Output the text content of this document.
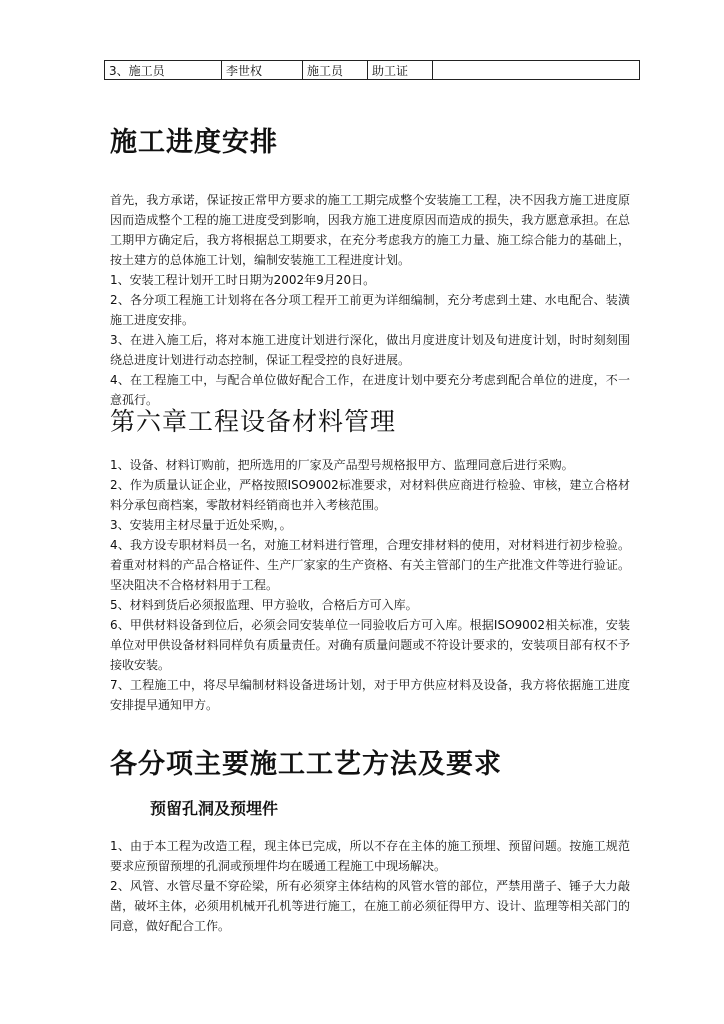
3、施工员	李世权	施工员	助工证	
施工进度安排

首先，我方承诺，保证按正常甲方要求的施工工期完成整个安装施工工程，决不因我方施工进度原因而造成整个工程的施工进度受到影响，因我方施工进度原因而造成的损失，我方愿意承担。在总工期甲方确定后，我方将根据总工期要求，在充分考虑我方的施工力量、施工综合能力的基础上，按土建方的总体施工计划，编制安装施工工程进度计划。

1、安装工程计划开工时日期为2002年9月20日。

2、各分项工程施工计划将在各分项工程开工前更为详细编制，充分考虑到土建、水电配合、装潢施工进度安排。

3、在进入施工后，将对本施工进度计划进行深化，做出月度进度计划及旬进度计划，时时刻刻围绕总进度计划进行动态控制，保证工程受控的良好进展。

4、在工程施工中，与配合单位做好配合工作，在进度计划中要充分考虑到配合单位的进度，不一意孤行。

第六章工程设备材料管理

1、设备、材料订购前，把所选用的厂家及产品型号规格报甲方、监理同意后进行采购。

2、作为质量认证企业，严格按照ISO9002标准要求，对材料供应商进行检验、审核，建立合格材料分承包商档案，零散材料经销商也并入考核范围。

3、安装用主材尽量于近处采购，。

4、我方设专职材料员一名，对施工材料进行管理，合理安排材料的使用，对材料进行初步检验。着重对材料的产品合格证件、生产厂家家的生产资格、有关主管部门的生产批准文件等进行验证。坚决阻决不合格材料用于工程。

5、材料到货后必须报监理、甲方验收，合格后方可入库。

6、甲供材料设备到位后，必须会同安装单位一同验收后方可入库。根据ISO9002相关标准，安装单位对甲供设备材料同样负有质量责任。对确有质量问题或不符设计要求的，安装项目部有权不予接收安装。

7、工程施工中，将尽早编制材料设备进场计划，对于甲方供应材料及设备，我方将依据施工进度安排提早通知甲方。

各分项主要施工工艺方法及要求
预留孔洞及预埋件

1、由于本工程为改造工程，现主体已完成，所以不存在主体的施工预埋、预留问题。按施工规范要求应预留预埋的孔洞或预埋件均在暖通工程施工中现场解决。

2、风管、水管尽量不穿砼梁，所有必须穿主体结构的风管水管的部位，严禁用凿子、锤子大力敲凿，破坏主体，必须用机械开孔机等进行施工，在施工前必须征得甲方、设计、监理等相关部门的同意，做好配合工作。
